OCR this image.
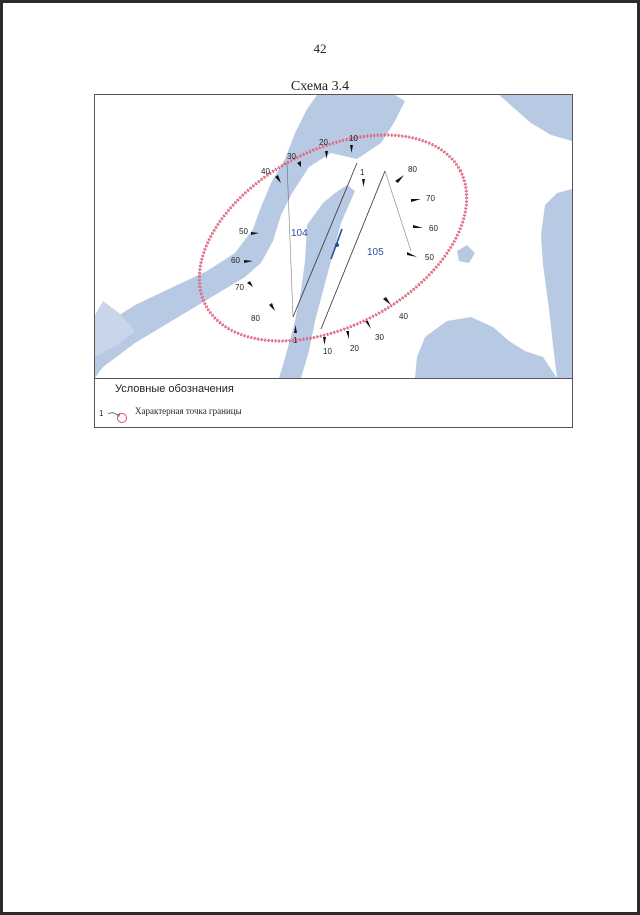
42
Схема 3.4
104
105
1
1
10
20
30
40
50
60
70
80
80
70
60
50
40
30
20
10
Условные обозначения
1	Характерная точка границы
